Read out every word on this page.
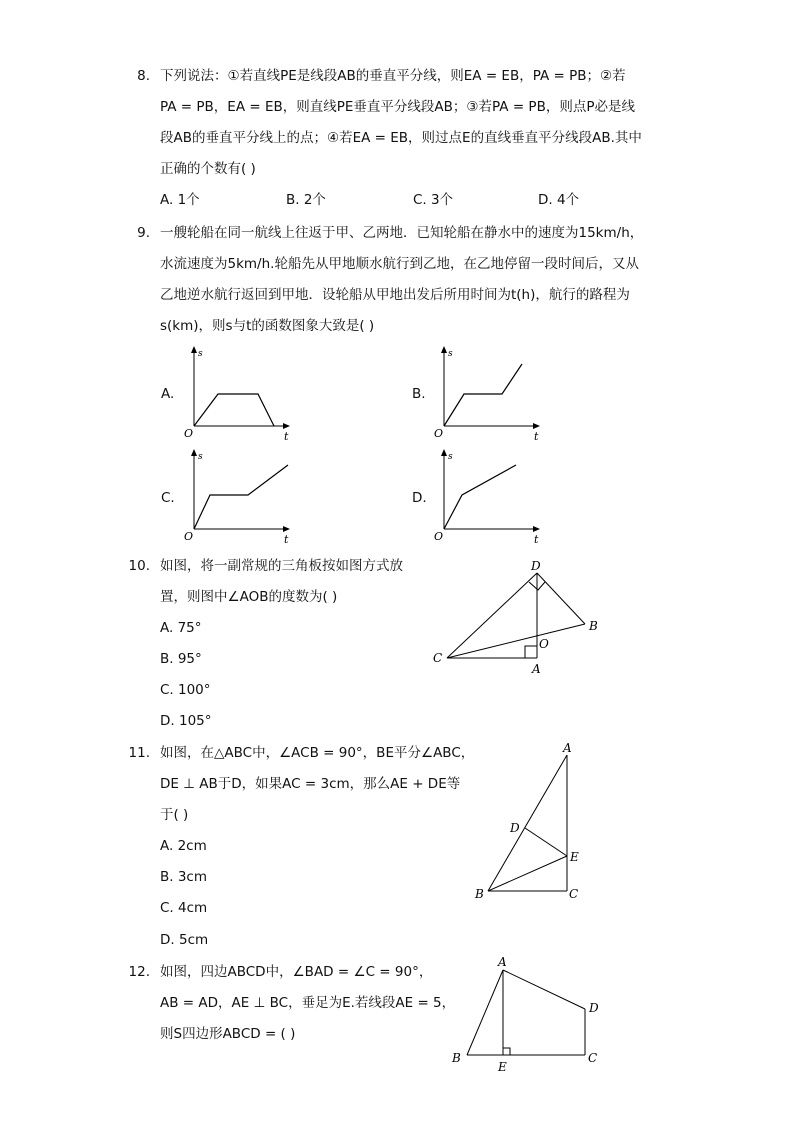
8. 下列说法：①若直线PE是线段AB的垂直平分线，则EA = EB，PA = PB；②若
PA = PB，EA = EB，则直线PE垂直平分线段AB；③若PA = PB，则点P必是线
段AB的垂直平分线上的点；④若EA = EB，则过点E的直线垂直平分线段AB.其中
正确的个数有( )
A. 1个	B. 2个	C. 3个	D. 4个
9. 一艘轮船在同一航线上往返于甲、乙两地．已知轮船在静水中的速度为15km/h，
水流速度为5km/h.轮船先从甲地顺水航行到乙地，在乙地停留一段时间后，又从
乙地逆水航行返回到甲地．设轮船从甲地出发后所用时间为t(h)，航行的路程为
s(km)，则s与t的函数图象大致是( )
A.	B.
C.	D.
s
O	t
s
O	t
s
O	t
s
O	t
10. 如图，将一副常规的三角板按如图方式放
置，则图中∠AOB的度数为( )
A. 75°
B. 95°
C. 100°
D. 105°
D
B
O
C
A
11. 如图，在△ABC中，∠ACB = 90°，BE平分∠ABC，
DE ⊥ AB于D，如果AC = 3cm，那么AE + DE等
于( )
A. 2cm
B. 3cm
C. 4cm
D. 5cm
A
D
E
B	C
12. 如图，四边ABCD中，∠BAD = ∠C = 90°，
AB = AD，AE ⊥ BC，垂足为E.若线段AE = 5，
则S四边形ABCD = ( )
A
D
B
E
C
